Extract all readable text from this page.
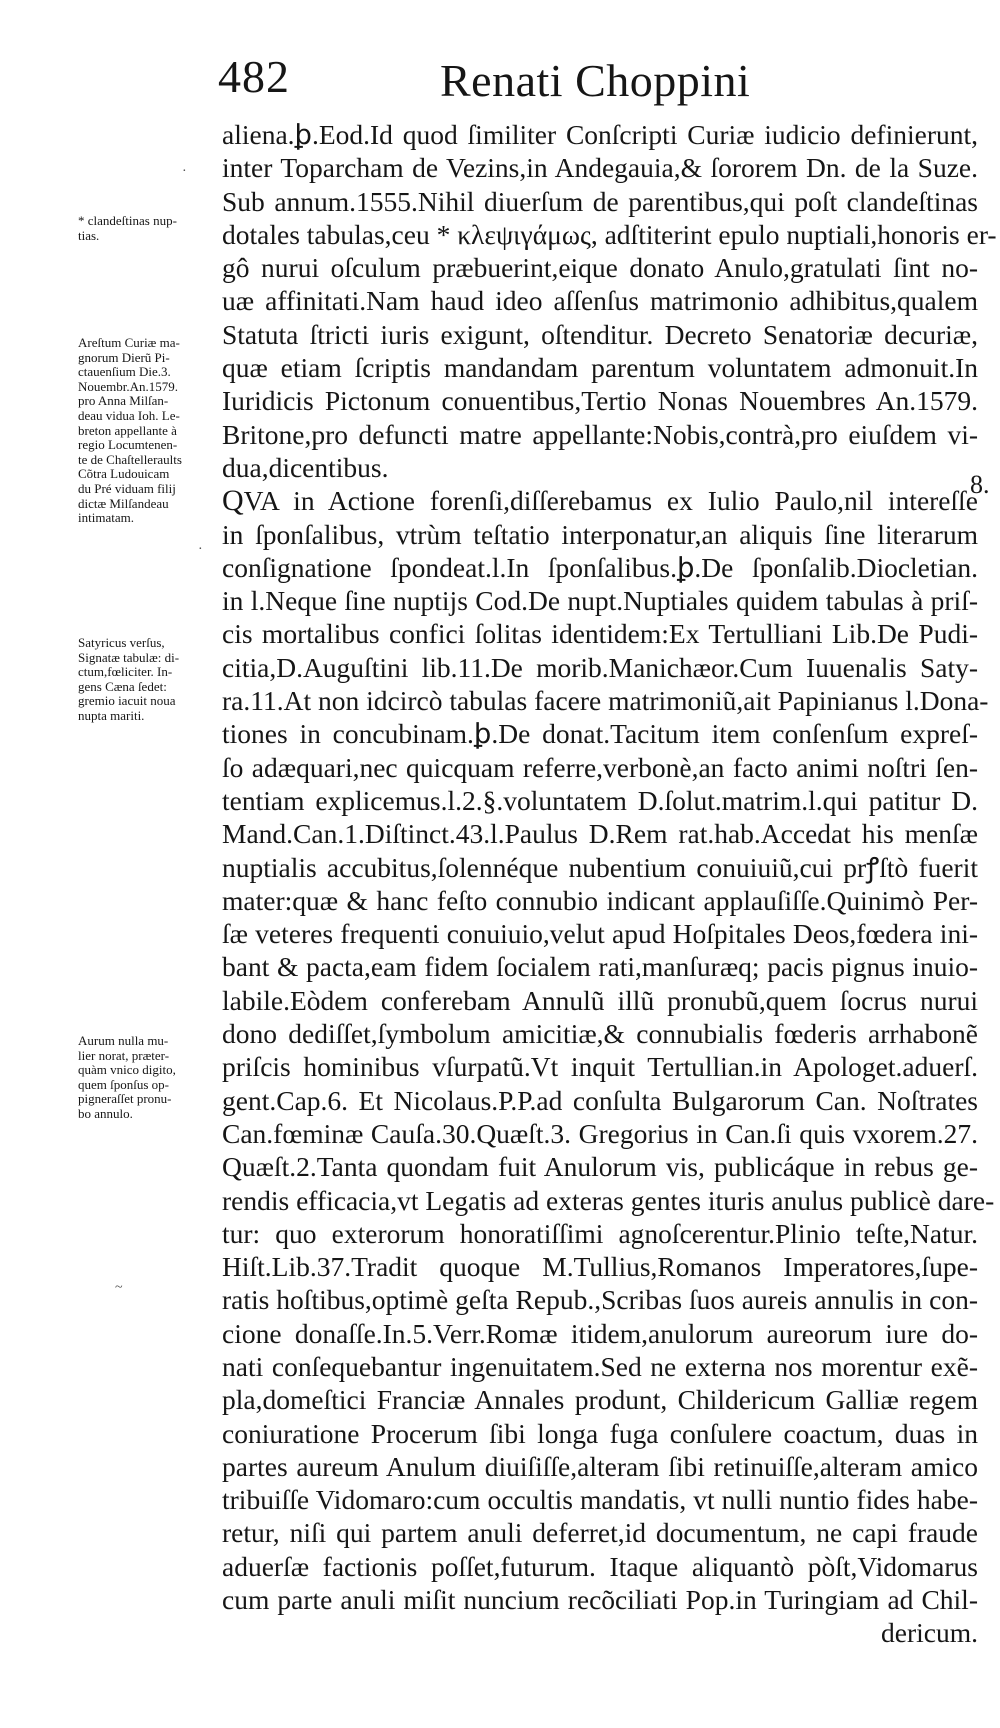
482	Renati Choppini
aliena.ꝧ.Eod.Id quod ſimiliter Conſcripti Curiæ iudicio definierunt,
inter Toparcham de Vezins,in Andegauia,& ſororem Dn. de la Suze.
Sub annum.1555.Nihil diuerſum de parentibus,qui poſt clandeſtinas
dotales tabulas,ceu * κλεψιγάμως, adſtiterint epulo nuptiali,honoris er-
gô nurui oſculum præbuerint,eique donato Anulo,gratulati ſint no-
uæ affinitati.Nam haud ideo aſſenſus matrimonio adhibitus,qualem
Statuta ſtricti iuris exigunt, oſtenditur. Decreto Senatoriæ decuriæ,
quæ etiam ſcriptis mandandam parentum voluntatem admonuit.In
Iuridicis Pictonum conuentibus,Tertio Nonas Nouembres An.1579.
Britone,pro defuncti matre appellante:Nobis,contrà,pro eiuſdem vi-
dua,dicentibus.
QVA in Actione forenſi,diſſerebamus ex Iulio Paulo,nil intereſſe
in ſponſalibus, vtrùm teſtatio interponatur,an aliquis ſine literarum
conſignatione ſpondeat.l.In ſponſalibus.ꝧ.De ſponſalib.Diocletian.
in l.Neque ſine nuptijs Cod.De nupt.Nuptiales quidem tabulas à priſ-
cis mortalibus confici ſolitas identidem:Ex Tertulliani Lib.De Pudi-
citia,D.Auguſtini lib.11.De morib.Manichæor.Cum Iuuenalis Saty-
ra.11.At non idcircò tabulas facere matrimoniũ,ait Papinianus l.Dona-
tiones in concubinam.ꝧ.De donat.Tacitum item conſenſum expreſ-
ſo adæquari,nec quicquam referre,verbonè,an facto animi noſtri ſen-
tentiam explicemus.l.2.§.voluntatem D.ſolut.matrim.l.qui patitur D.
Mand.Can.1.Diſtinct.43.l.Paulus D.Rem rat.hab.Accedat his menſæ
nuptialis accubitus,ſolennéque nubentium conuiuiũ,cui prꝭſtò fuerit
mater:quæ & hanc feſto connubio indicant applauſiſſe.Quinimò Per-
ſæ veteres frequenti conuiuio,velut apud Hoſpitales Deos,fœdera ini-
bant & pacta,eam fidem ſocialem rati,manſuræq; pacis pignus inuio-
labile.Eòdem conferebam Annulũ illũ pronubũ,quem ſocrus nurui
dono dediſſet,ſymbolum amicitiæ,& connubialis fœderis arrhabonẽ
priſcis hominibus vſurpatũ.Vt inquit Tertullian.in Apologet.aduerſ.
gent.Cap.6. Et Nicolaus.P.P.ad conſulta Bulgarorum Can. Noſtrates
Can.fœminæ Cauſa.30.Quæſt.3. Gregorius in Can.ſi quis vxorem.27.
Quæſt.2.Tanta quondam fuit Anulorum vis, publicáque in rebus ge-
rendis efficacia,vt Legatis ad exteras gentes ituris anulus publicè dare-
tur: quo exterorum honoratiſſimi agnoſcerentur.Plinio teſte,Natur.
Hiſt.Lib.37.Tradit quoque M.Tullius,Romanos Imperatores,ſupe-
ratis hoſtibus,optimè geſta Repub.,Scribas ſuos aureis annulis in con-
cione donaſſe.In.5.Verr.Romæ itidem,anulorum aureorum iure do-
nati conſequebantur ingenuitatem.Sed ne externa nos morentur exẽ-
pla,domeſtici Franciæ Annales produnt, Childericum Galliæ regem
coniuratione Procerum ſibi longa fuga conſulere coactum, duas in
partes aureum Anulum diuiſiſſe,alteram ſibi retinuiſſe,alteram amico
tribuiſſe Vidomaro:cum occultis mandatis, vt nulli nuntio fides habe-
retur, niſi qui partem anuli deferret,id documentum, ne capi fraude
aduerſæ factionis poſſet,futurum. Itaque aliquantò pòſt,Vidomarus
cum parte anuli miſit nuncium recõciliati Pop.in Turingiam ad Chil-
dericum.
8.
* clandeſtinas nup-
tias.
Areſtum Curiæ ma-
gnorum Dierũ Pi-
ctauenſium Die.3.
Nouembr.An.1579.
pro Anna Milſan-
deau vidua Ioh. Le-
breton appellante à
regio Locumtenen-
te de Chaſtelleraults
Cõtra Ludouicam
du Pré viduam filij
dictæ Milſandeau
intimatam.
Satyricus verſus,
Signatæ tabulæ: di-
ctum,fœliciter. In-
gens Cæna ſedet:
gremio iacuit noua
nupta mariti.
Aurum nulla mu-
lier norat, præter-
quàm vnico digito,
quem ſponſus op-
pigneraſſet pronu-
bo annulo.
·
·
~
